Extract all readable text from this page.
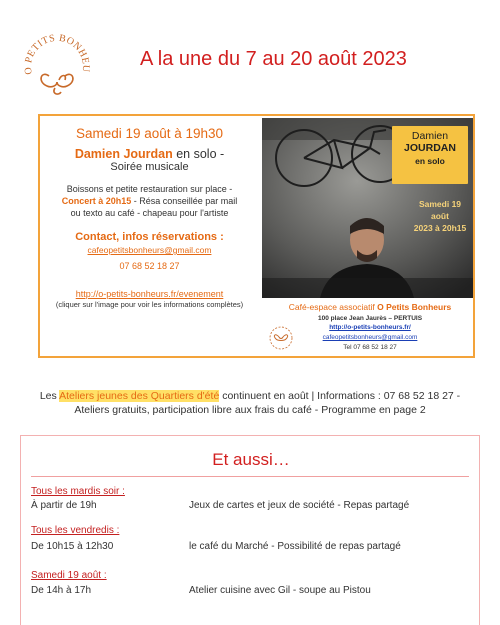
O PETITS BONHEU A la une du 7 au 20 août 2023
Samedi 19 août à 19h30
Damien Jourdan en solo -
Soirée musicale
Boissons et petite restauration sur place -
Concert à 20h15 - Résa conseillée par mail
ou texto au café - chapeau pour l'artiste
Contact, infos réservations :
cafeopetitsbonheurs@gmail.com
07 68 52 18 27
http://o-petits-bonheurs.fr/evenement
(cliquer sur l'image pour voir les informations complètes)
Damien
JOURDAN
en solo
Samedi 19 août
2023 à 20h15
Café-espace associatif O Petits Bonheurs
100 place Jean Jaurès – PERTUIS
http://o-petits-bonheurs.fr/
cafeopetitsbonheurs@gmail.com
Tel 07 68 52 18 27
Les Ateliers jeunes des Quartiers d'été continuent en août | Informations : 07 68 52 18 27 -
Ateliers gratuits, participation libre aux frais du café - Programme en page 2
Et aussi…
Tous les mardis soir :
À partir de 19h	Jeux de cartes et jeux de société - Repas partagé
Tous les vendredis :
De 10h15 à 12h30	le café du Marché - Possibilité de repas partagé
Samedi 19 août :
De 14h à 17h	Atelier cuisine avec Gil - soupe au Pistou
